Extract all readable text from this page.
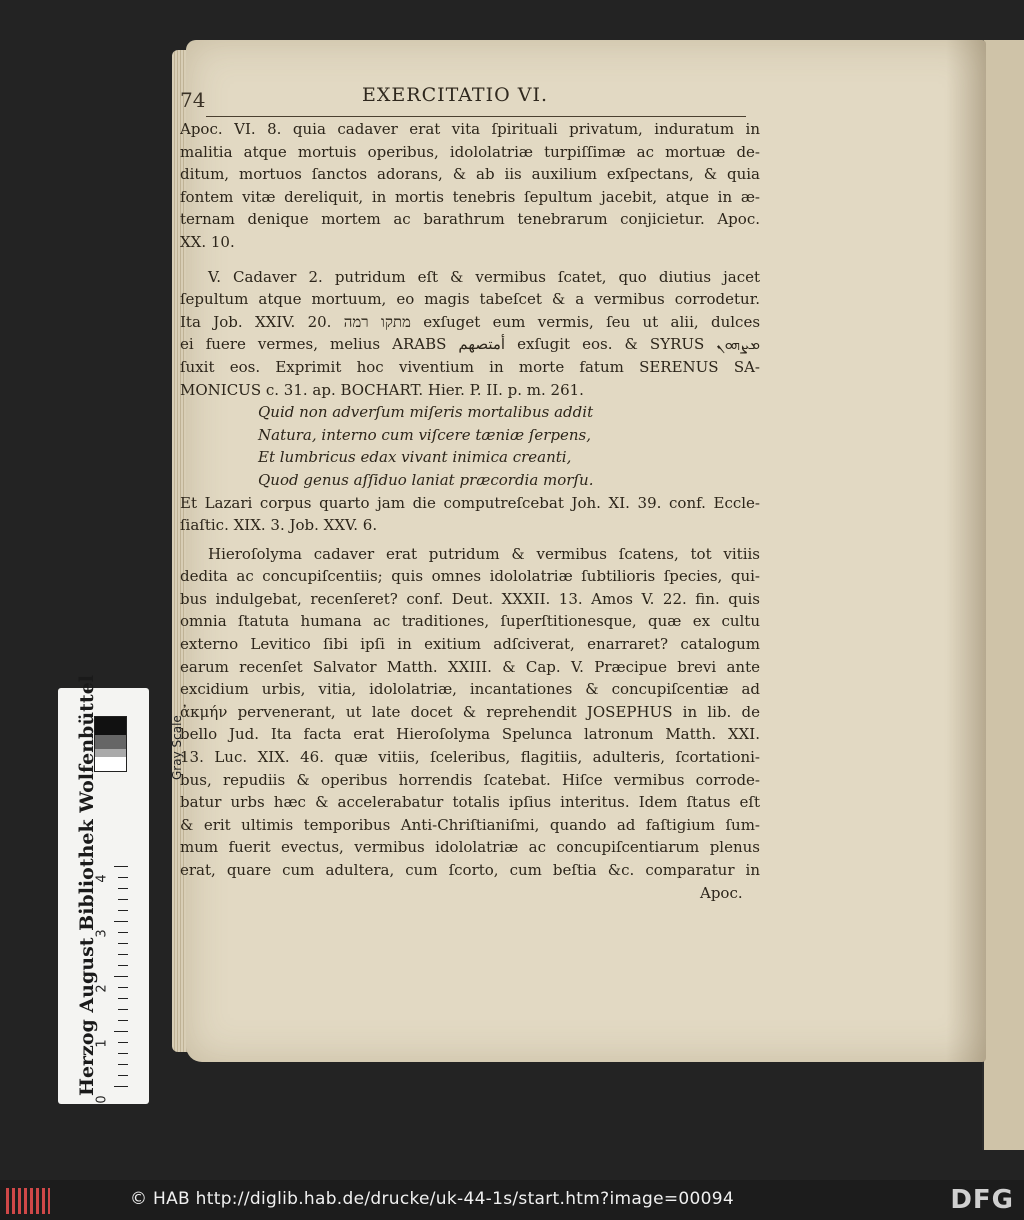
74	EXERCITATIO VI.
Apoc. VI. 8. quia cadaver erat vita ſpirituali privatum, induratum in
malitia atque mortuis operibus, idololatriæ turpiſſimæ ac mortuæ de-
ditum, mortuos ſanctos adorans, & ab iis auxilium exſpectans, & quia
fontem vitæ dereliquit, in mortis tenebris ſepultum jacebit, atque in æ-
ternam denique mortem ac barathrum tenebrarum conjicietur. Apoc.
XX. 10.
V. Cadaver 2. putridum eſt & vermibus ſcatet, quo diutius jacet
ſepultum atque mortuum, eo magis tabeſcet & a vermibus corrodetur.
Ita Job. XXIV. 20. מתקו רמה exſuget eum vermis, ſeu ut alii, dulces
ei fuere vermes, melius ARABS أمتصهم exſugit eos. & SYRUS ܡܨܗܘܢ
ſuxit eos. Exprimit hoc viventium in morte fatum SERENUS SA-
MONICUS c. 31. ap. BOCHART. Hier. P. II. p. m. 261.
Quid non adverſum miſeris mortalibus addit
Natura, interno cum viſcere tæniæ ſerpens,
Et lumbricus edax vivant inimica creanti,
Quod genus aſſiduo laniat præcordia morſu.
Et Lazari corpus quarto jam die computreſcebat Joh. XI. 39. conf. Eccle-
ſiaſtic. XIX. 3. Job. XXV. 6.
Hieroſolyma cadaver erat putridum & vermibus ſcatens, tot vitiis
dedita ac concupiſcentiis; quis omnes idololatriæ ſubtilioris ſpecies, qui-
bus indulgebat, recenſeret? conf. Deut. XXXII. 13. Amos V. 22. fin. quis
omnia ſtatuta humana ac traditiones, ſuperſtitionesque, quæ ex cultu
externo Levitico ſibi ipſi in exitium adſciverat, enarraret? catalogum
earum recenſet Salvator Matth. XXIII. & Cap. V. Præcipue brevi ante
excidium urbis, vitia, idololatriæ, incantationes & concupiſcentiæ ad
ἀκμήν pervenerant, ut late docet & reprehendit JOSEPHUS in lib. de
bello Jud. Ita facta erat Hieroſolyma Spelunca latronum Matth. XXI.
13. Luc. XIX. 46. quæ vitiis, ſceleribus, flagitiis, adulteris, ſcortationi-
bus, repudiis & operibus horrendis ſcatebat. Hiſce vermibus corrode-
batur urbs hæc & accelerabatur totalis ipſius interitus. Idem ſtatus eſt
& erit ultimis temporibus Anti-Chriſtianiſmi, quando ad faſtigium ſum-
mum fuerit evectus, vermibus idololatriæ ac concupiſcentiarum plenus
erat, quare cum adultera, cum ſcorto, cum beſtia &c. comparatur in
Apoc.
Gray Scale
0
1
2
3
4
Herzog August Bibliothek Wolfenbüttel
© HAB http://diglib.hab.de/drucke/uk-44-1s/start.htm?image=00094	DFG
